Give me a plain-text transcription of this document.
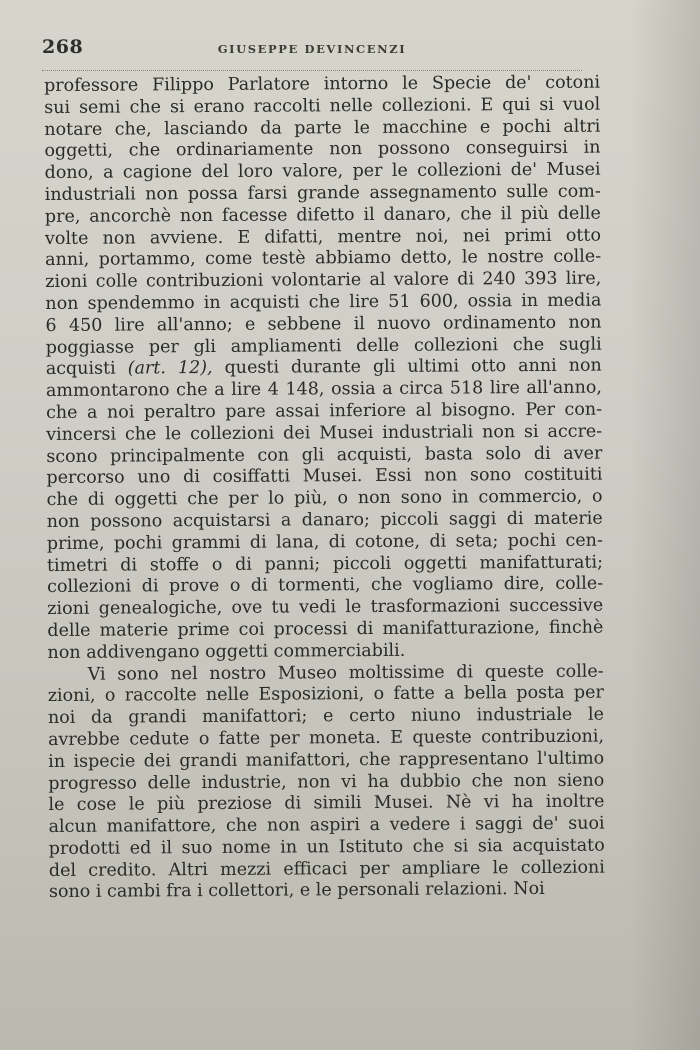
268	GIUSEPPE DEVINCENZI
professore Filippo Parlatore intorno le Specie de' cotoni
sui semi che si erano raccolti nelle collezioni. E qui si vuol
notare che, lasciando da parte le macchine e pochi altri
oggetti, che ordinariamente non possono conseguirsi in
dono, a cagione del loro valore, per le collezioni de' Musei
industriali non possa farsi grande assegnamento sulle com-
pre, ancorchè non facesse difetto il danaro, che il più delle
volte non avviene. E difatti, mentre noi, nei primi otto
anni, portammo, come testè abbiamo detto, le nostre colle-
zioni colle contribuzioni volontarie al valore di 240 393 lire,
non spendemmo in acquisti che lire 51 600, ossia in media
6 450 lire all'anno; e sebbene il nuovo ordinamento non
poggiasse per gli ampliamenti delle collezioni che sugli
acquisti (art. 12), questi durante gli ultimi otto anni non
ammontarono che a lire 4 148, ossia a circa 518 lire all'anno,
che a noi peraltro pare assai inferiore al bisogno. Per con-
vincersi che le collezioni dei Musei industriali non si accre-
scono principalmente con gli acquisti, basta solo di aver
percorso uno di cosiffatti Musei. Essi non sono costituiti
che di oggetti che per lo più, o non sono in commercio, o
non possono acquistarsi a danaro; piccoli saggi di materie
prime, pochi grammi di lana, di cotone, di seta; pochi cen-
timetri di stoffe o di panni; piccoli oggetti manifatturati;
collezioni di prove o di tormenti, che vogliamo dire, colle-
zioni genealogiche, ove tu vedi le trasformazioni successive
delle materie prime coi processi di manifatturazione, finchè
non addivengano oggetti commerciabili.
Vi sono nel nostro Museo moltissime di queste colle-
zioni, o raccolte nelle Esposizioni, o fatte a bella posta per
noi da grandi manifattori; e certo niuno industriale le
avrebbe cedute o fatte per moneta. E queste contribuzioni,
in ispecie dei grandi manifattori, che rappresentano l'ultimo
progresso delle industrie, non vi ha dubbio che non sieno
le cose le più preziose di simili Musei. Nè vi ha inoltre
alcun manifattore, che non aspiri a vedere i saggi de' suoi
prodotti ed il suo nome in un Istituto che si sia acquistato
del credito. Altri mezzi efficaci per ampliare le collezioni
sono i cambi fra i collettori, e le personali relazioni. Noi
